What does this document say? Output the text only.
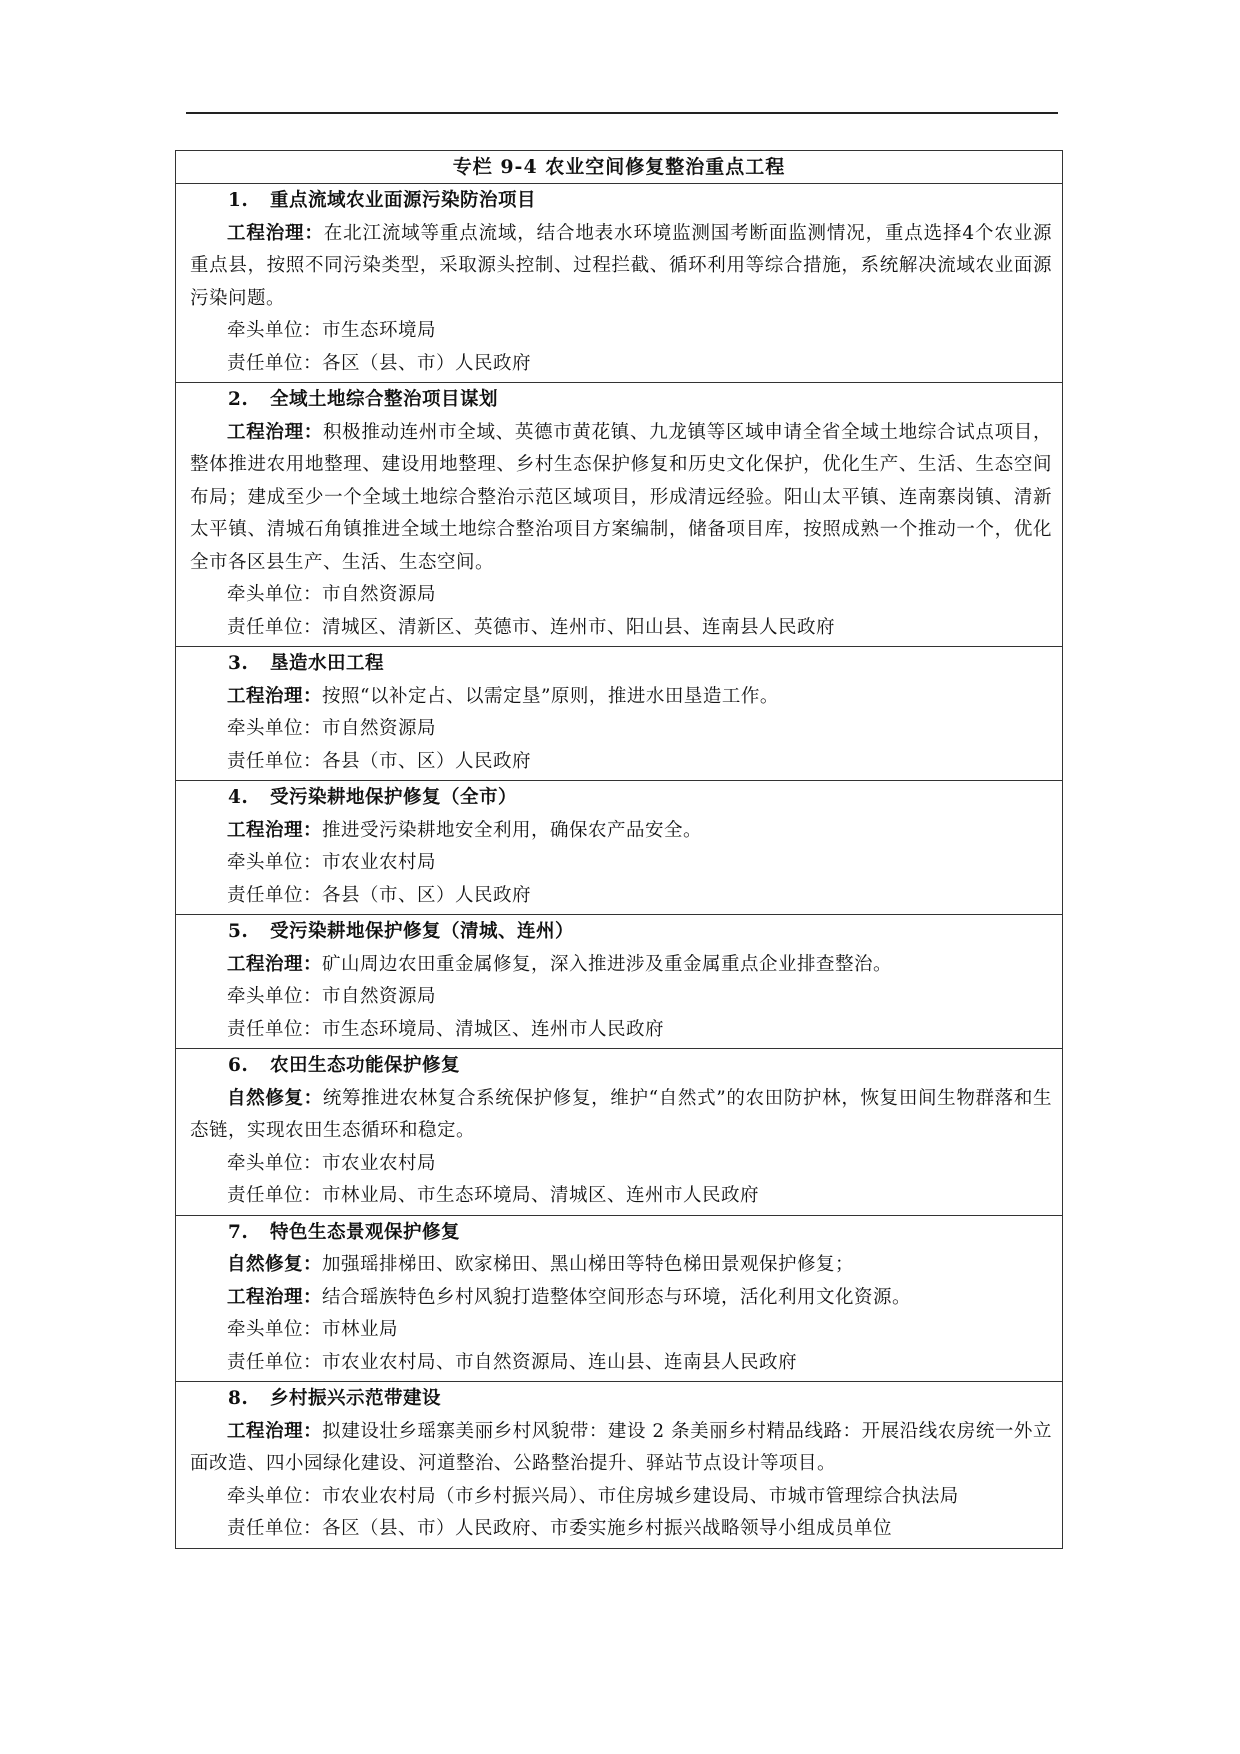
专栏 9-4 农业空间修复整治重点工程
1. 重点流域农业面源污染防治项目
工程治理：在北江流域等重点流域，结合地表水环境监测国考断面监测情况，重点选择4个农业源重点县，按照不同污染类型，采取源头控制、过程拦截、循环利用等综合措施，系统解决流域农业面源污染问题。
牵头单位：市生态环境局
责任单位：各区（县、市）人民政府
2. 全域土地综合整治项目谋划
工程治理：积极推动连州市全域、英德市黄花镇、九龙镇等区域申请全省全域土地综合试点项目，整体推进农用地整理、建设用地整理、乡村生态保护修复和历史文化保护，优化生产、生活、生态空间布局；建成至少一个全域土地综合整治示范区域项目，形成清远经验。阳山太平镇、连南寨岗镇、清新太平镇、清城石角镇推进全域土地综合整治项目方案编制，储备项目库，按照成熟一个推动一个，优化全市各区县生产、生活、生态空间。
牵头单位：市自然资源局
责任单位：清城区、清新区、英德市、连州市、阳山县、连南县人民政府
3. 垦造水田工程
工程治理：按照“以补定占、以需定垦”原则，推进水田垦造工作。
牵头单位：市自然资源局
责任单位：各县（市、区）人民政府
4. 受污染耕地保护修复（全市）
工程治理：推进受污染耕地安全利用，确保农产品安全。
牵头单位：市农业农村局
责任单位：各县（市、区）人民政府
5. 受污染耕地保护修复（清城、连州）
工程治理：矿山周边农田重金属修复，深入推进涉及重金属重点企业排查整治。
牵头单位：市自然资源局
责任单位：市生态环境局、清城区、连州市人民政府
6. 农田生态功能保护修复
自然修复：统筹推进农林复合系统保护修复，维护“自然式”的农田防护林，恢复田间生物群落和生态链，实现农田生态循环和稳定。
牵头单位：市农业农村局
责任单位：市林业局、市生态环境局、清城区、连州市人民政府
7. 特色生态景观保护修复
自然修复：加强瑶排梯田、欧家梯田、黑山梯田等特色梯田景观保护修复；
工程治理：结合瑶族特色乡村风貌打造整体空间形态与环境，活化利用文化资源。
牵头单位：市林业局
责任单位：市农业农村局、市自然资源局、连山县、连南县人民政府
8. 乡村振兴示范带建设
工程治理：拟建设壮乡瑶寨美丽乡村风貌带：建设 2 条美丽乡村精品线路：开展沿线农房统一外立面改造、四小园绿化建设、河道整治、公路整治提升、驿站节点设计等项目。
牵头单位：市农业农村局（市乡村振兴局）、市住房城乡建设局、市城市管理综合执法局
责任单位：各区（县、市）人民政府、市委实施乡村振兴战略领导小组成员单位
